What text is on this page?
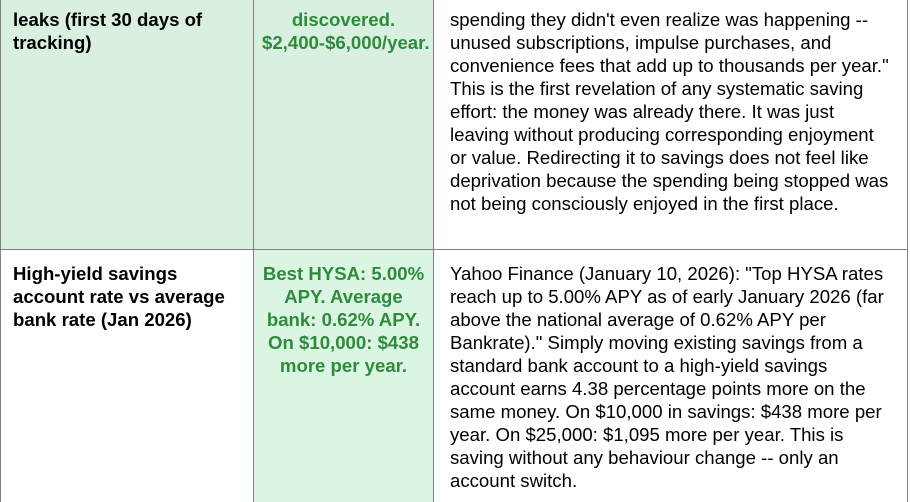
leaks (first 30 days of tracking)	discovered. $2,400-$6,000/year.	spending they didn't even realize was happening -- unused subscriptions, impulse purchases, and convenience fees that add up to thousands per year." This is the first revelation of any systematic saving effort: the money was already there. It was just leaving without producing corresponding enjoyment or value. Redirecting it to savings does not feel like deprivation because the spending being stopped was not being consciously enjoyed in the first place.
High-yield savings account rate vs average bank rate (Jan 2026)	Best HYSA: 5.00% APY. Average bank: 0.62% APY. On $10,000: $438 more per year.	Yahoo Finance (January 10, 2026): "Top HYSA rates reach up to 5.00% APY as of early January 2026 (far above the national average of 0.62% APY per Bankrate)." Simply moving existing savings from a standard bank account to a high-yield savings account earns 4.38 percentage points more on the same money. On $10,000 in savings: $438 more per year. On $25,000: $1,095 more per year. This is saving without any behaviour change -- only an account switch.
